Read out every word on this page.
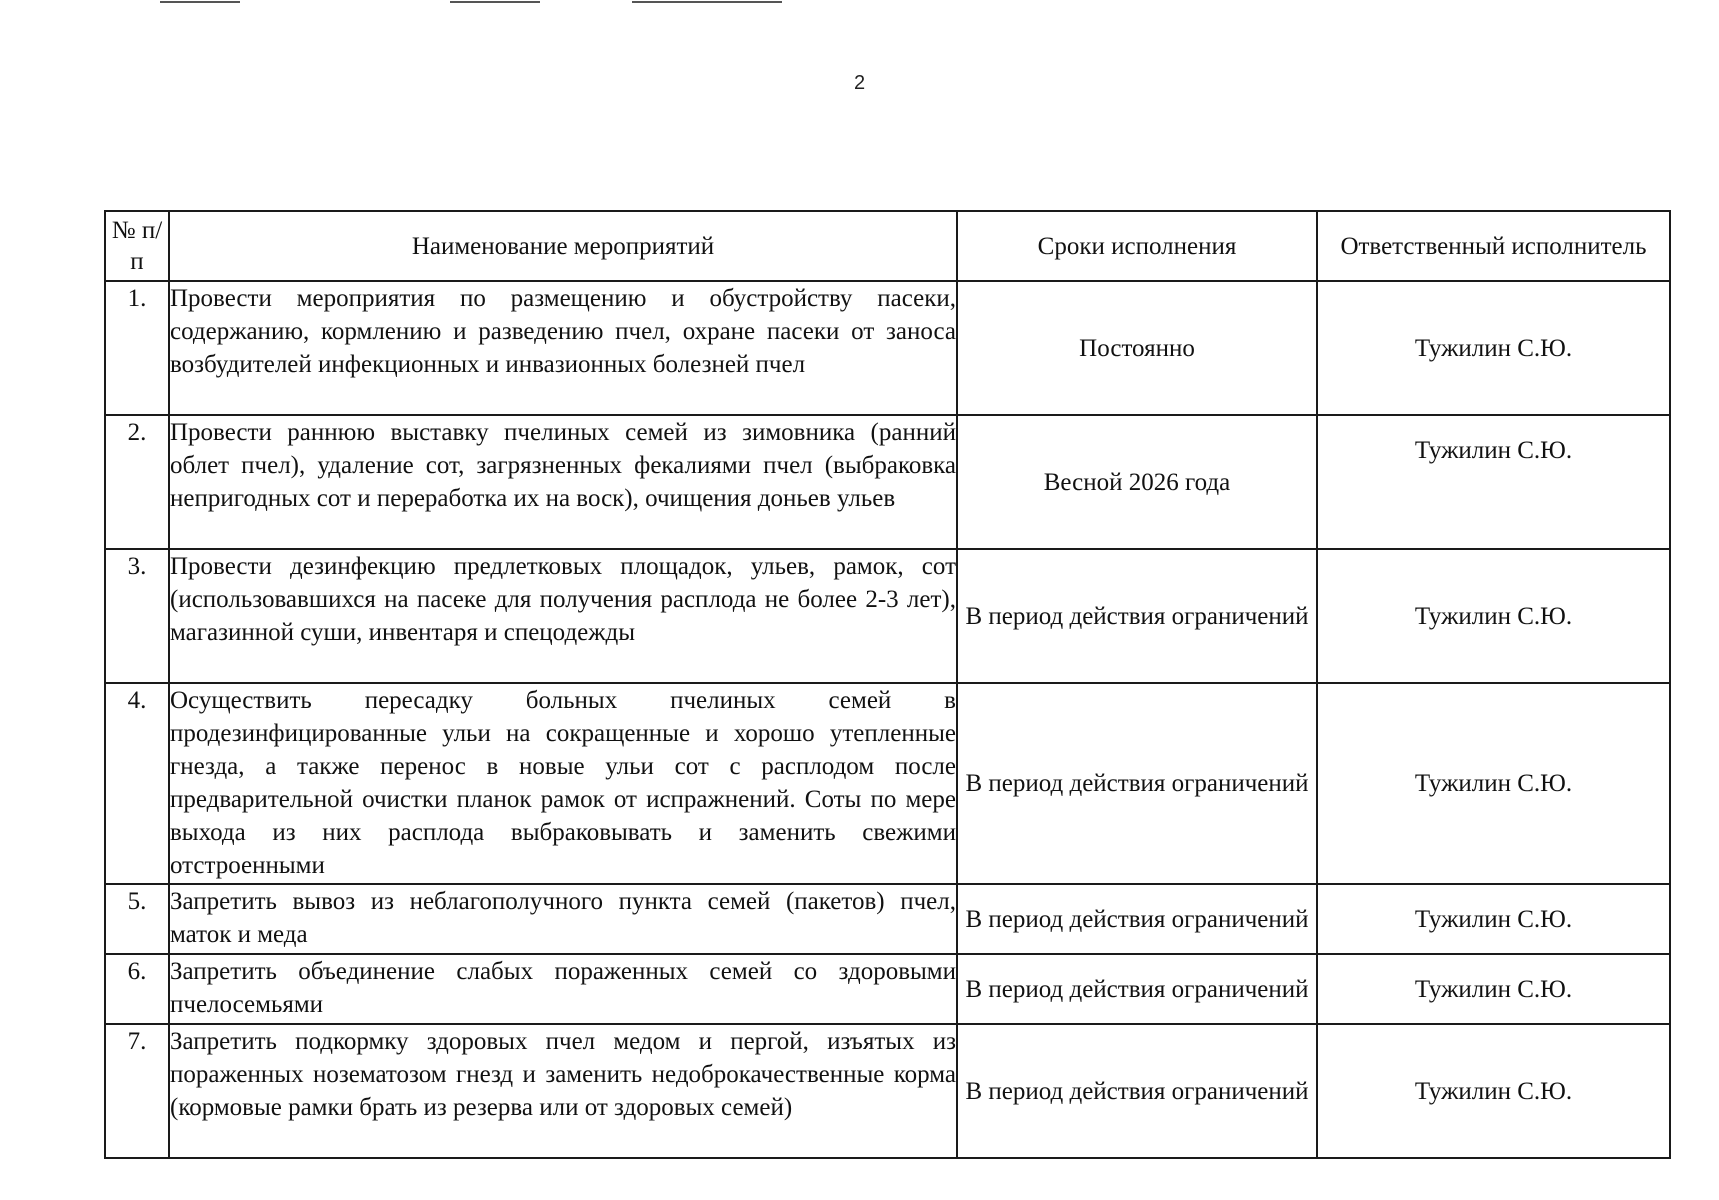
2
№ п/п	Наименование мероприятий	Сроки исполнения	Ответственный исполнитель
1.	Провести мероприятия по размещению и обустройству пасеки, содержанию, кормлению и разведению пчел, охране пасеки от заноса возбудителей инфекционных и инвазионных болезней пчел	Постоянно	Тужилин С.Ю.
2.	Провести раннюю выставку пчелиных семей из зимовника (ранний облет пчел), удаление сот, загрязненных фекалиями пчел (выбраковка непригодных сот и переработка их на воск), очищения доньев ульев	Весной 2026 года	Тужилин С.Ю.
3.	Провести дезинфекцию предлетковых площадок, ульев, рамок, сот (использовавшихся на пасеке для получения расплода не более 2-3 лет), магазинной суши, инвентаря и спецодежды	В период действия ограничений	Тужилин С.Ю.
4.	Осуществить пересадку больных пчелиных семей в продезинфицированные ульи на сокращенные и хорошо утепленные гнезда, а также перенос в новые ульи сот с расплодом после предварительной очистки планок рамок от испражнений. Соты по мере выхода из них расплода выбраковывать и заменить свежими отстроенными	В период действия ограничений	Тужилин С.Ю.
5.	Запретить вывоз из неблагополучного пункта семей (пакетов) пчел, маток и меда	В период действия ограничений	Тужилин С.Ю.
6.	Запретить объединение слабых пораженных семей со здоровыми пчелосемьями	В период действия ограничений	Тужилин С.Ю.
7.	Запретить подкормку здоровых пчел медом и пергой, изъятых из пораженных нозематозом гнезд и заменить недоброкачественные корма (кормовые рамки брать из резерва или от здоровых семей)	В период действия ограничений	Тужилин С.Ю.
